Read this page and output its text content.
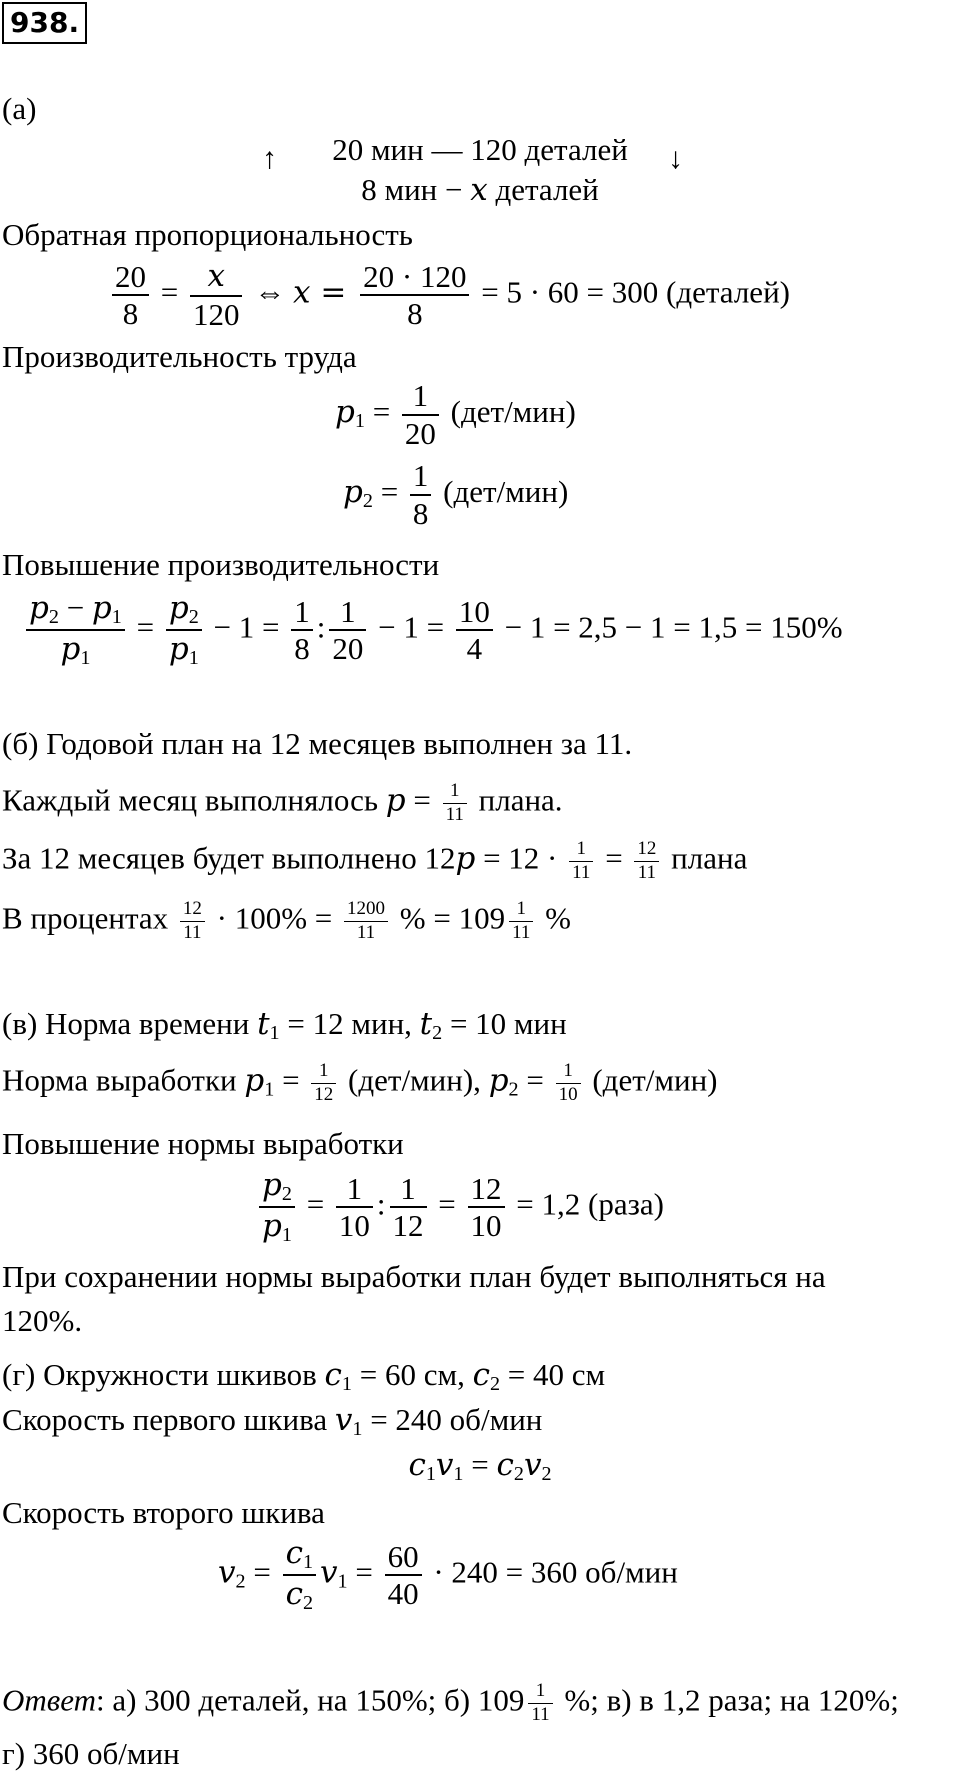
938.
(а)
↑	↓
20 мин — 120 деталей
8 мин − x деталей
Обратная пропорциональность
$\frac{20}{8} = \frac{x}{120}$ ⇔ $x = \frac{20 \cdot 120}{8} = 5 \cdot 60 = 300$ (деталей)
Производительность труда
$p_1 = \frac{1}{20} (дет/мин)$
$p_2 = \frac{1}{8} (дет/мин)$
Повышение производительности
$\frac{p_2 - p_1}{p_1} = \frac{p_2}{p_1} - 1 = \frac{1}{8}$ : $\frac{1}{20} - 1 = \frac{10}{4} - 1 = 2,5 - 1 = 1,5 = 150\%$
(б) Годовой план на 12 месяцев выполнен за 11.
Каждый месяц выполнялось $p = \frac{1}{11}$ плана.
За 12 месяцев будет выполнено $12p = 12 \cdot \frac{1}{11} = \frac{12}{11}$ плана
В процентах $\frac{12}{11} \cdot 100\% = \frac{1200}{11}$ % = $109 \frac{1}{11}$ %
(в) Норма времени $t_1 = 12$ мин, $t_2 = 10$ мин
Норма выработки $p_1 = \frac{1}{12} (дет/мин)$, $p_2 = \frac{1}{10} (дет/мин)$
Повышение нормы выработки
$\frac{p_2}{p_1} = \frac{1}{10}$ : $\frac{1}{12} = \frac{12}{10} = 1,2$ (раза)
При сохранении нормы выработки план будет выполняться на
120%.
(г) Окружности шкивов $c_1 = 60$ см, $c_2 = 40$ см
Скорость первого шкива $v_1 = 240$ об/мин
$c_1v_1 = c_2v_2$
Скорость второго шкива
$v_2 = \frac{c_1}{c_2} v_1 = \frac{60}{40} \cdot 240 = 360$ об/мин
Ответ: а) 300 деталей, на 150%; б) $109 \frac{1}{11}$ %; в) в 1,2 раза; на 120%;
г) 360 об/мин
